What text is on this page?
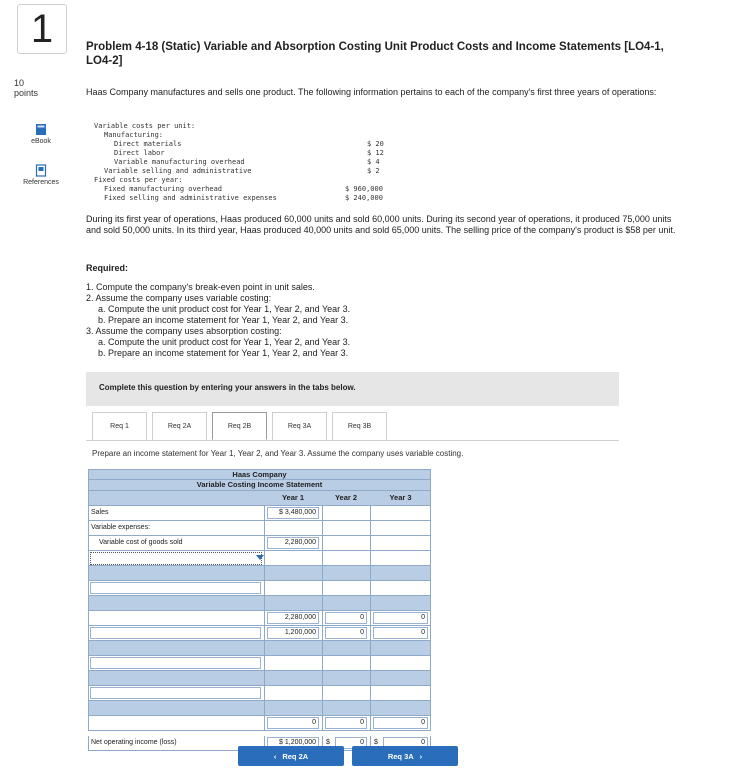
1
10
points
eBook
References
Problem 4-18 (Static) Variable and Absorption Costing Unit Product Costs and Income Statements [LO4-1, LO4-2]
Haas Company manufactures and sells one product. The following information pertains to each of the company's first three years of operations:
Variable costs per unit:
Manufacturing:
Direct materials	$ 20
Direct labor	$ 12
Variable manufacturing overhead	$ 4
Variable selling and administrative	$ 2
Fixed costs per year:
Fixed manufacturing overhead	$ 960,000
Fixed selling and administrative expenses	$ 240,000
During its first year of operations, Haas produced 60,000 units and sold 60,000 units. During its second year of operations, it produced 75,000 units and sold 50,000 units. In its third year, Haas produced 40,000 units and sold 65,000 units. The selling price of the company's product is $58 per unit.
Required:
1. Compute the company's break-even point in unit sales.
2. Assume the company uses variable costing:
a. Compute the unit product cost for Year 1, Year 2, and Year 3.
b. Prepare an income statement for Year 1, Year 2, and Year 3.
3. Assume the company uses absorption costing:
a. Compute the unit product cost for Year 1, Year 2, and Year 3.
b. Prepare an income statement for Year 1, Year 2, and Year 3.
Complete this question by entering your answers in the tabs below.
Req 1	Req 2A	Req 2B	Req 3A	Req 3B
Prepare an income statement for Year 1, Year 2, and Year 3. Assume the company uses variable costing.
Haas Company
Variable Costing Income Statement
Year 1	Year 2	Year 3
Sales	$ 3,480,000
Variable expenses:
Variable cost of goods sold	2,280,000
2,280,000	0	0
1,200,000	0	0
0	0	0
Net operating income (loss)	$ 1,200,000	$	0	$	0
‹ Req 2A	Req 3A ›
